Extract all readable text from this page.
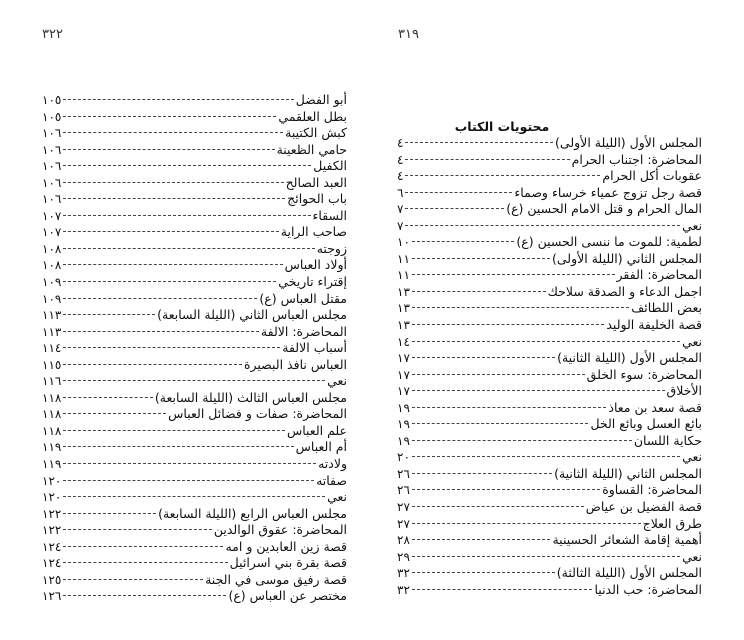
٣٢٢	٣١٩
أبو الفضل
١٠٥
بطل العلقمي
١٠٥
كبش الكتيبة
١٠٦
حامي الظعينة
١٠٦
الكفيل
١٠٦
العبد الصالح
١٠٦
باب الحوائج
١٠٦
السقاء
١٠٧
صاحب الراية
١٠٧
زوجته
١٠٨
أولاد العباس
١٠٨
إقتراء تاريخي
١٠٩
مقتل العباس (ع)
١٠٩
مجلس العباس الثاني (الليلة السابعة)
١١٣
المحاضرة: الالفة
١١٣
أسباب الالفة
١١٤
العباس نافذ البصيرة
١١٥
نعي
١١٦
مجلس العباس الثالث (الليلة السابعة)
١١٨
المحاضرة: صفات و فضائل العباس
١١٨
علم العباس
١١٨
أم العباس
١١٩
ولادته
١١٩
صفاته
١٢٠
نعي
١٢٠
مجلس العباس الرابع (الليلة السابعة)
١٢٢
المحاضرة: عقوق الوالدين
١٢٢
قصة زين العابدين و امه
١٢٤
قصة بقرة بني اسرائيل
١٢٤
قصة رفيق موسى في الجنة
١٢٥
مختصر عن العباس (ع)
١٢٦
محتويات الكتاب
المجلس الأول (الليلة الأولى)
٤
المحاضرة: اجتناب الحرام
٤
عقوبات أكل الحرام
٤
قصة رجل تزوج عمياء خرساء وصماء
٦
المال الحرام و قتل الامام الحسين (ع)
٧
نعي
٧
لطمية: للموت ما ننسى الحسين (ع)
١٠
المجلس الثاني (الليلة الأولى)
١١
المحاضرة: الفقر
١١
اجمل الدعاء و الصدقة سلاحك
١٣
بعض اللطائف
١٣
قصة الخليفة الوليد
١٣
نعي
١٤
المجلس الأول (الليلة الثانية)
١٧
المحاضرة: سوء الخلق
١٧
الأخلاق
١٧
قصة سعد بن معاذ
١٩
بائع العسل وبائع الخل
١٩
حكاية اللسان
١٩
نعي
٢٠
المجلس الثاني (الليلة الثانية)
٢٦
المحاضرة: القساوة
٢٦
قصة الفضيل بن عياض
٢٧
طرق العلاج
٢٧
أهمية إقامة الشعائر الحسينية
٢٨
نعي
٢٩
المجلس الأول (الليلة الثالثة)
٣٢
المحاضرة: حب الدنيا
٣٢
